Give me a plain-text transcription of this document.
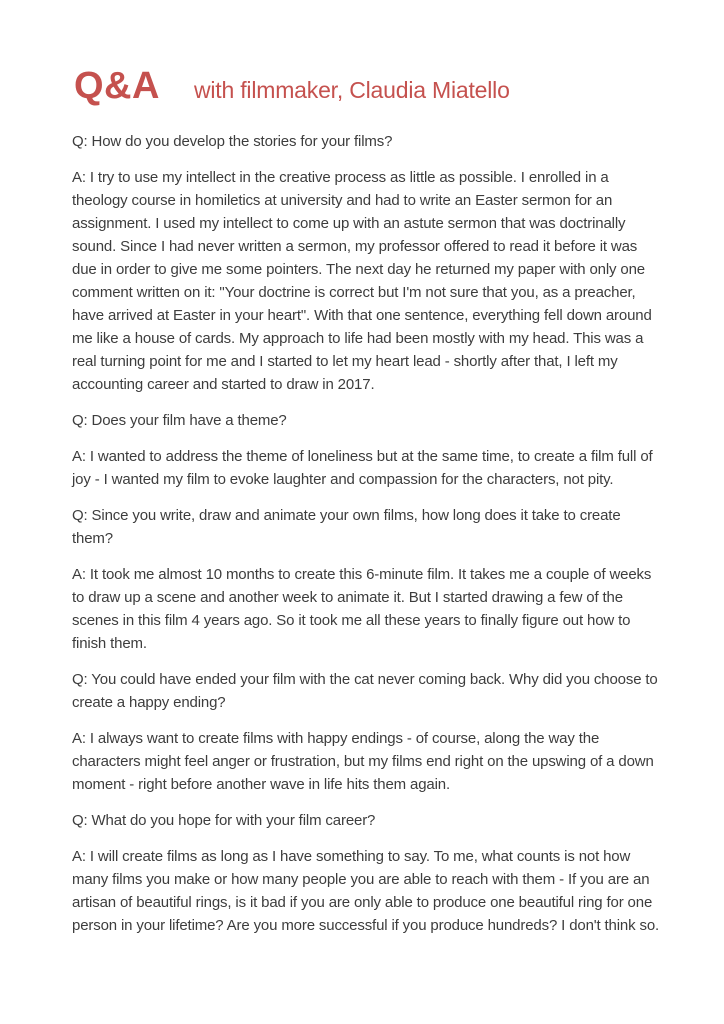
Q&A with filmmaker, Claudia Miatello

Q: How do you develop the stories for your films?

A: I try to use my intellect in the creative process as little as possible. I enrolled in a theology course in homiletics at university and had to write an Easter sermon for an assignment. I used my intellect to come up with an astute sermon that was doctrinally sound. Since I had never written a sermon, my professor offered to read it before it was due in order to give me some pointers. The next day he returned my paper with only one comment written on it: "Your doctrine is correct but I'm not sure that you, as a preacher, have arrived at Easter in your heart". With that one sentence, everything fell down around me like a house of cards. My approach to life had been mostly with my head. This was a real turning point for me and I started to let my heart lead - shortly after that, I left my accounting career and started to draw in 2017.

Q: Does your film have a theme?

A: I wanted to address the theme of loneliness but at the same time, to create a film full of joy - I wanted my film to evoke laughter and compassion for the characters, not pity.

Q: Since you write, draw and animate your own films, how long does it take to create them?

A: It took me almost 10 months to create this 6-minute film. It takes me a couple of weeks to draw up a scene and another week to animate it. But I started drawing a few of the scenes in this film 4 years ago. So it took me all these years to finally figure out how to finish them.

Q: You could have ended your film with the cat never coming back. Why did you choose to create a happy ending?

A: I always want to create films with happy endings - of course, along the way the characters might feel anger or frustration, but my films end right on the upswing of a down moment - right before another wave in life hits them again.

Q: What do you hope for with your film career?

A: I will create films as long as I have something to say. To me, what counts is not how many films you make or how many people you are able to reach with them - If you are an artisan of beautiful rings, is it bad if you are only able to produce one beautiful ring for one person in your lifetime? Are you more successful if you produce hundreds? I don't think so.
